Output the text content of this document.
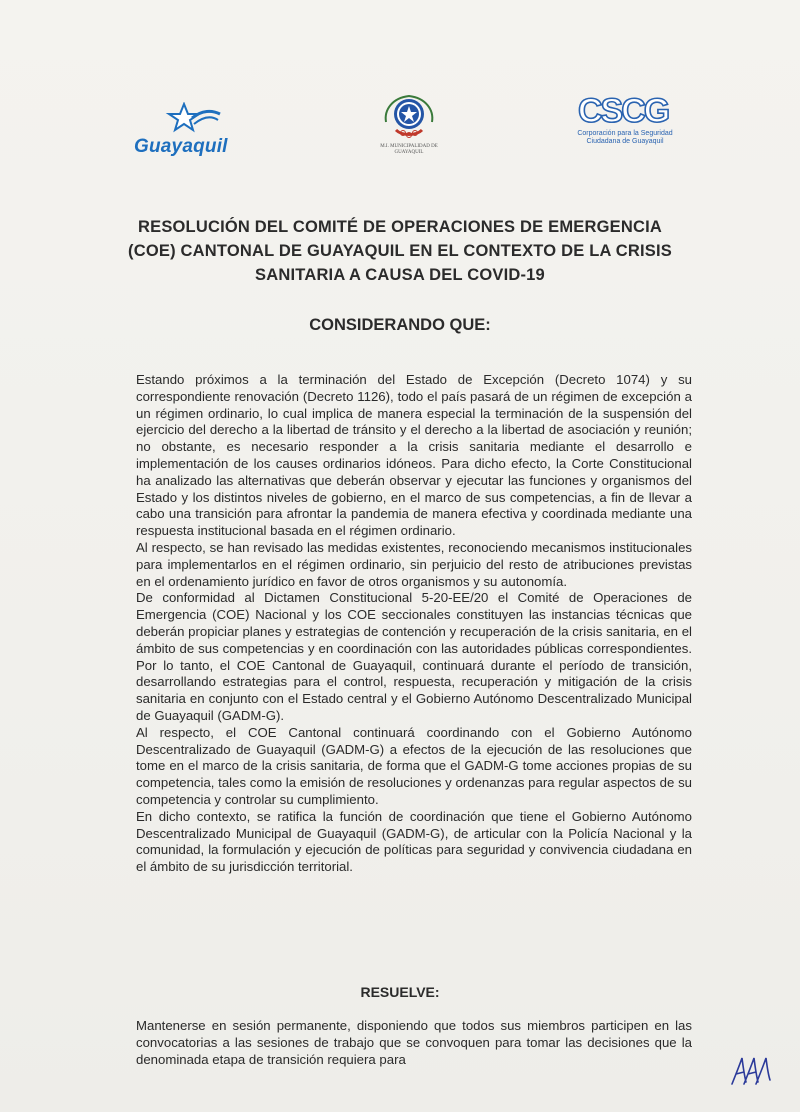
Guayaquil	M.I. MUNICIPALIDAD DE GUAYAQUIL
CSCG
Corporación para la Seguridad
Ciudadana de Guayaquil
RESOLUCIÓN DEL COMITÉ DE OPERACIONES DE EMERGENCIA
(COE) CANTONAL DE GUAYAQUIL EN EL CONTEXTO DE LA CRISIS
SANITARIA A CAUSA DEL COVID-19
CONSIDERANDO QUE:

Estando próximos a la terminación del Estado de Excepción (Decreto 1074) y su correspondiente renovación (Decreto 1126), todo el país pasará de un régimen de excepción a un régimen ordinario, lo cual implica de manera especial la terminación de la suspensión del ejercicio del derecho a la libertad de tránsito y el derecho a la libertad de asociación y reunión; no obstante, es necesario responder a la crisis sanitaria mediante el desarrollo e implementación de los causes ordinarios idóneos. Para dicho efecto, la Corte Constitucional ha analizado las alternativas que deberán observar y ejecutar las funciones y organismos del Estado y los distintos niveles de gobierno, en el marco de sus competencias, a fin de llevar a cabo una transición para afrontar la pandemia de manera efectiva y coordinada mediante una respuesta institucional basada en el régimen ordinario.

Al respecto, se han revisado las medidas existentes, reconociendo mecanismos institucionales para implementarlos en el régimen ordinario, sin perjuicio del resto de atribuciones previstas en el ordenamiento jurídico en favor de otros organismos y su autonomía.

De conformidad al Dictamen Constitucional 5-20-EE/20 el Comité de Operaciones de Emergencia (COE) Nacional y los COE seccionales constituyen las instancias técnicas que deberán propiciar planes y estrategias de contención y recuperación de la crisis sanitaria, en el ámbito de sus competencias y en coordinación con las autoridades públicas correspondientes. Por lo tanto, el COE Cantonal de Guayaquil, continuará durante el período de transición, desarrollando estrategias para el control, respuesta, recuperación y mitigación de la crisis sanitaria en conjunto con el Estado central y el Gobierno Autónomo Descentralizado Municipal de Guayaquil (GADM-G).

Al respecto, el COE Cantonal continuará coordinando con el Gobierno Autónomo Descentralizado de Guayaquil (GADM-G) a efectos de la ejecución de las resoluciones que tome en el marco de la crisis sanitaria, de forma que el GADM-G tome acciones propias de su competencia, tales como la emisión de resoluciones y ordenanzas para regular aspectos de su competencia y controlar su cumplimiento.

En dicho contexto, se ratifica la función de coordinación que tiene el Gobierno Autónomo Descentralizado Municipal de Guayaquil (GADM-G), de articular con la Policía Nacional y la comunidad, la formulación y ejecución de políticas para seguridad y convivencia ciudadana en el ámbito de su jurisdicción territorial.

RESUELVE:

Mantenerse en sesión permanente, disponiendo que todos sus miembros participen en las convocatorias a las sesiones de trabajo que se convoquen para tomar las decisiones que la denominada etapa de transición requiera para
